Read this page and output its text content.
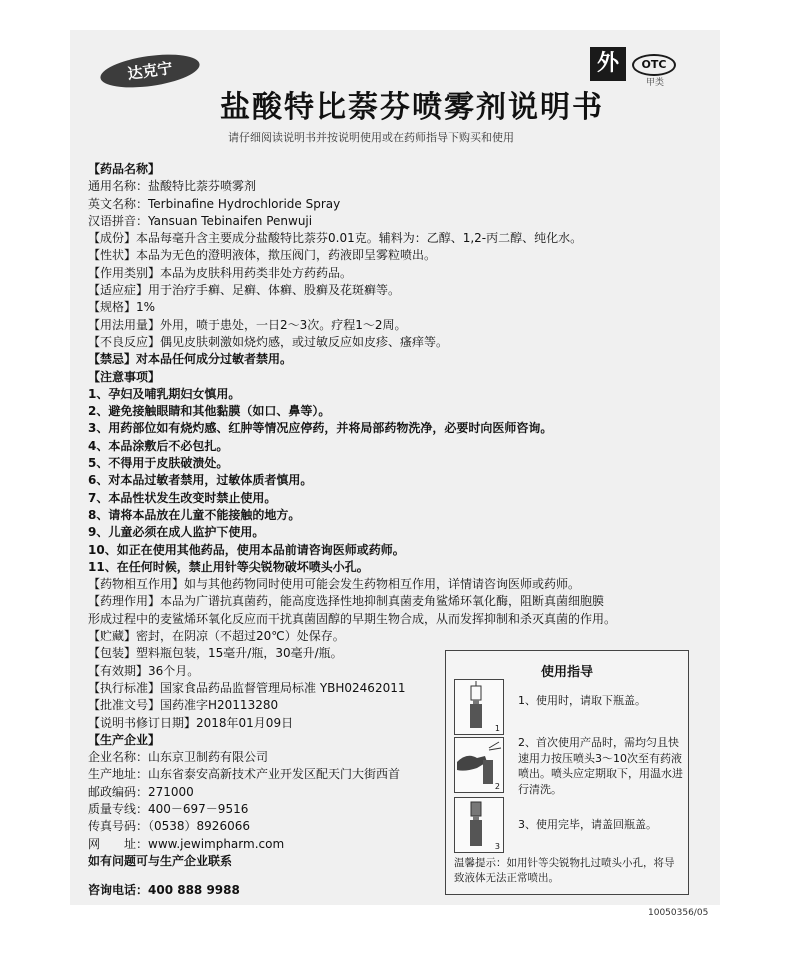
达克宁	外	OTC
甲类
盐酸特比萘芬喷雾剂说明书
请仔细阅读说明书并按说明使用或在药师指导下购买和使用
【药品名称】
通用名称：盐酸特比萘芬喷雾剂
英文名称：Terbinafine Hydrochloride Spray
汉语拼音：Yansuan Tebinaifen Penwuji
【成份】本品每毫升含主要成分盐酸特比萘芬0.01克。辅料为：乙醇、1,2-丙二醇、纯化水。
【性状】本品为无色的澄明液体，揿压阀门，药液即呈雾粒喷出。
【作用类别】本品为皮肤科用药类非处方药药品。
【适应症】用于治疗手癣、足癣、体癣、股癣及花斑癣等。
【规格】1%
【用法用量】外用，喷于患处，一日2～3次。疗程1～2周。
【不良反应】偶见皮肤刺激如烧灼感，或过敏反应如皮疹、瘙痒等。
【禁忌】对本品任何成分过敏者禁用。
【注意事项】
1、孕妇及哺乳期妇女慎用。
2、避免接触眼睛和其他黏膜（如口、鼻等）。
3、用药部位如有烧灼感、红肿等情况应停药，并将局部药物洗净，必要时向医师咨询。
4、本品涂敷后不必包扎。
5、不得用于皮肤破溃处。
6、对本品过敏者禁用，过敏体质者慎用。
7、本品性状发生改变时禁止使用。
8、请将本品放在儿童不能接触的地方。
9、儿童必须在成人监护下使用。
10、如正在使用其他药品，使用本品前请咨询医师或药师。
11、在任何时候，禁止用针等尖锐物破坏喷头小孔。
【药物相互作用】如与其他药物同时使用可能会发生药物相互作用，详情请咨询医师或药师。
【药理作用】本品为广谱抗真菌药，能高度选择性地抑制真菌麦角鲨烯环氧化酶，阻断真菌细胞膜
形成过程中的麦鲨烯环氧化反应而干扰真菌固醇的早期生物合成，从而发挥抑制和杀灭真菌的作用。
【贮藏】密封，在阴凉（不超过20℃）处保存。
【包装】塑料瓶包装，15毫升/瓶，30毫升/瓶。
【有效期】36个月。
【执行标准】国家食品药品监督管理局标准 YBH02462011
【批准文号】国药准字H20113280
【说明书修订日期】2018年01月09日
【生产企业】
企业名称：山东京卫制药有限公司
生产地址：山东省泰安高新技术产业开发区配天门大街西首
邮政编码：271000
质量专线：400－697－9516
传真号码：（0538）8926066
网　　址：www.jewimpharm.com
如有问题可与生产企业联系
咨询电话：400 888 9988
使用指导
1
1、使用时，请取下瓶盖。
2
2、首次使用产品时，需均匀且快速用力按压喷头3～10次至有药液喷出。喷头应定期取下，用温水进行清洗。
3
3、使用完毕，请盖回瓶盖。
温馨提示：如用针等尖锐物扎过喷头小孔，将导致液体无法正常喷出。
10050356/05
